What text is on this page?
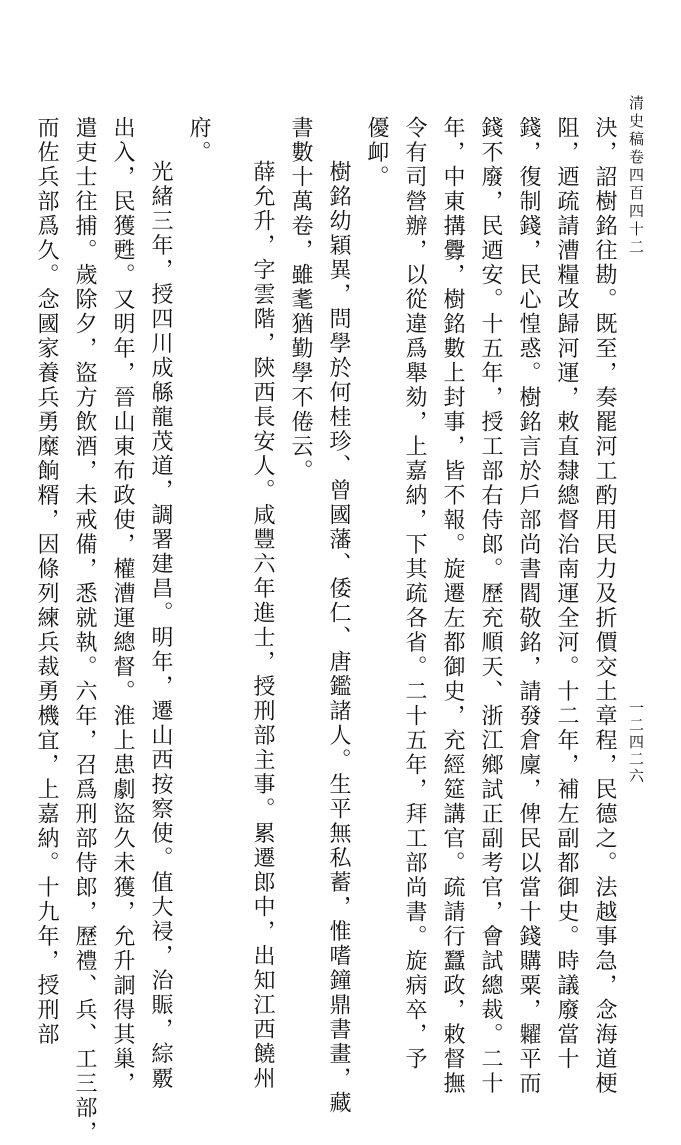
清史稿卷四百四十二
一二四二六
決，詔樹銘往勘。既至，奏罷河工酌用民力及折價交土章程，民德之。法越事急，念海道梗
阻，迺疏請漕糧改歸河運，敕直隸總督治南運全河。十二年，補左副都御史。時議廢當十
錢，復制錢，民心惶惑。樹銘言於戶部尚書閻敬銘，請發倉廩，俾民以當十錢購粟，糶平而
錢不廢，民迺安。十五年，授工部右侍郎。歷充順天、浙江鄉試正副考官，會試總裁。二十
年，中東搆釁，樹銘數上封事，皆不報。旋遷左都御史，充經筵講官。疏請行蠶政，敕督撫
令有司營辦，以從違爲舉劾，上嘉納，下其疏各省。二十五年，拜工部尚書。旋病卒，予
優卹。
樹銘幼穎異，問學於何桂珍、曾國藩、倭仁、唐鑑諸人。生平無私蓄，惟嗜鐘鼎書畫，藏
書數十萬卷，雖耄猶勤學不倦云。
薛允升，字雲階，陝西長安人。咸豐六年進士，授刑部主事。累遷郎中，出知江西饒州
府。
光緒三年，授四川成緜龍茂道，調署建昌。明年，遷山西按察使。值大祲，治賑，綜覈
出入，民獲甦。又明年，晉山東布政使，權漕運總督。淮上患劇盜久未獲，允升詗得其巢，
遣吏士往捕。歲除夕，盜方飲酒，未戒備，悉就執。六年，召爲刑部侍郎，歷禮、兵、工三部，
而佐兵部爲久。念國家養兵勇糜餉糈，因條列練兵裁勇機宜，上嘉納。十九年，授刑部
